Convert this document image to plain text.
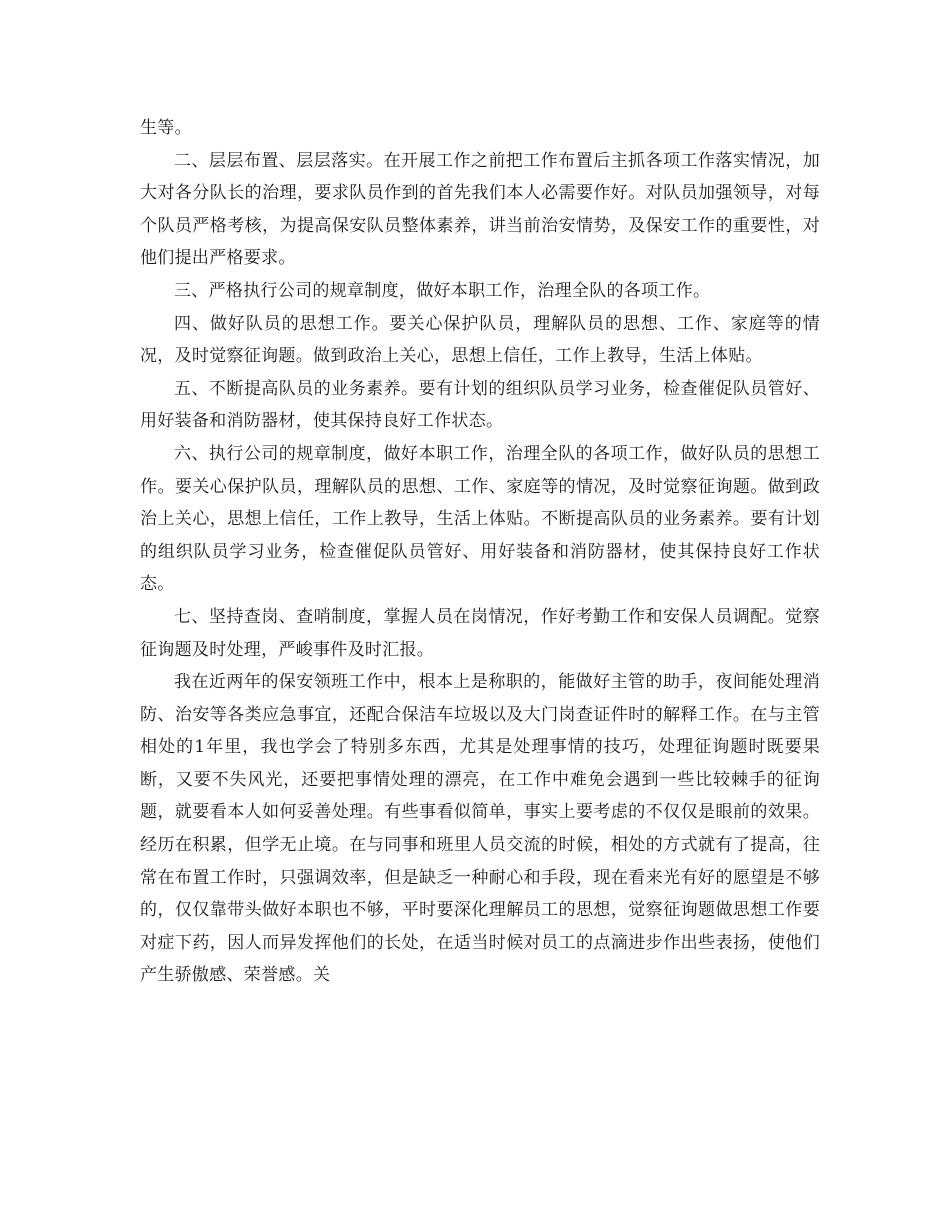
生等。

二、层层布置、层层落实。在开展工作之前把工作布置后主抓各项工作落实情况，加大对各分队长的治理，要求队员作到的首先我们本人必需要作好。对队员加强领导，对每个队员严格考核，为提高保安队员整体素养，讲当前治安情势，及保安工作的重要性，对他们提出严格要求。

三、严格执行公司的规章制度，做好本职工作，治理全队的各项工作。

四、做好队员的思想工作。要关心保护队员，理解队员的思想、工作、家庭等的情况，及时觉察征询题。做到政治上关心，思想上信任，工作上教导，生活上体贴。

五、不断提高队员的业务素养。要有计划的组织队员学习业务，检查催促队员管好、用好装备和消防器材，使其保持良好工作状态。

六、执行公司的规章制度，做好本职工作，治理全队的各项工作，做好队员的思想工作。要关心保护队员，理解队员的思想、工作、家庭等的情况，及时觉察征询题。做到政治上关心，思想上信任，工作上教导，生活上体贴。不断提高队员的业务素养。要有计划的组织队员学习业务，检查催促队员管好、用好装备和消防器材，使其保持良好工作状态。

七、坚持查岗、查哨制度，掌握人员在岗情况，作好考勤工作和安保人员调配。觉察征询题及时处理，严峻事件及时汇报。

我在近两年的保安领班工作中，根本上是称职的，能做好主管的助手，夜间能处理消防、治安等各类应急事宜，还配合保洁车垃圾以及大门岗查证件时的解释工作。在与主管相处的1年里，我也学会了特别多东西，尤其是处理事情的技巧，处理征询题时既要果断，又要不失风光，还要把事情处理的漂亮，在工作中难免会遇到一些比较棘手的征询题，就要看本人如何妥善处理。有些事看似简单，事实上要考虑的不仅仅是眼前的效果。经历在积累，但学无止境。在与同事和班里人员交流的时候，相处的方式就有了提高，往常在布置工作时，只强调效率，但是缺乏一种耐心和手段，现在看来光有好的愿望是不够的，仅仅靠带头做好本职也不够，平时要深化理解员工的思想，觉察征询题做思想工作要对症下药，因人而异发挥他们的长处，在适当时候对员工的点滴进步作出些表扬，使他们产生骄傲感、荣誉感。关
